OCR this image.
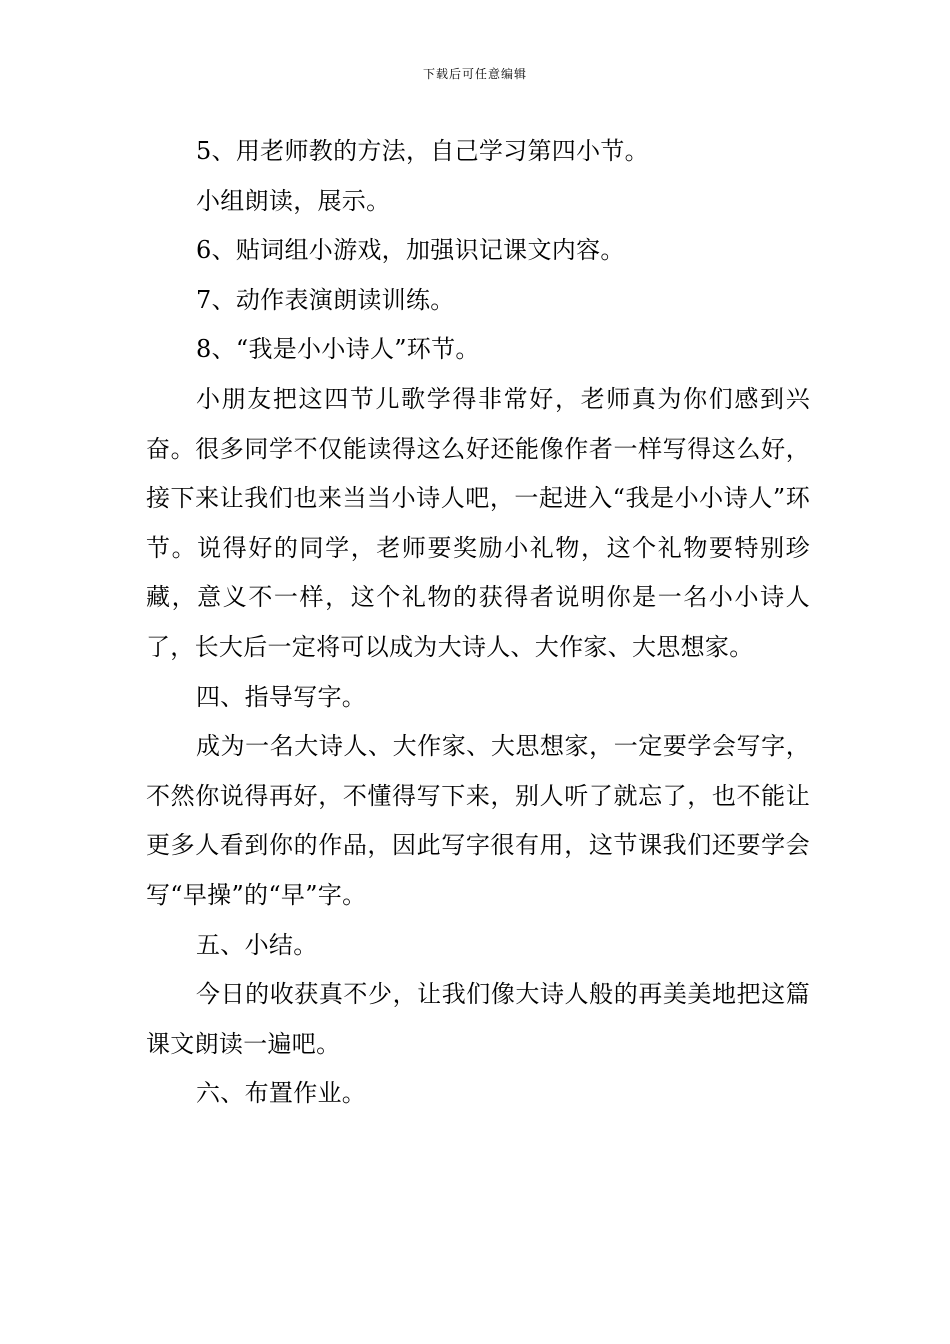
下载后可任意编辑

5、用老师教的方法，自己学习第四小节。

小组朗读，展示。

6、贴词组小游戏，加强识记课文内容。

7、动作表演朗读训练。

8、“我是小小诗人”环节。

小朋友把这四节儿歌学得非常好，老师真为你们感到兴奋。很多同学不仅能读得这么好还能像作者一样写得这么好，接下来让我们也来当当小诗人吧，一起进入“我是小小诗人”环节。说得好的同学，老师要奖励小礼物，这个礼物要特别珍藏，意义不一样，这个礼物的获得者说明你是一名小小诗人了，长大后一定将可以成为大诗人、大作家、大思想家。

四、指导写字。

成为一名大诗人、大作家、大思想家，一定要学会写字，不然你说得再好，不懂得写下来，别人听了就忘了，也不能让更多人看到你的作品，因此写字很有用，这节课我们还要学会写“早操”的“早”字。

五、小结。

今日的收获真不少，让我们像大诗人般的再美美地把这篇课文朗读一遍吧。

六、布置作业。
